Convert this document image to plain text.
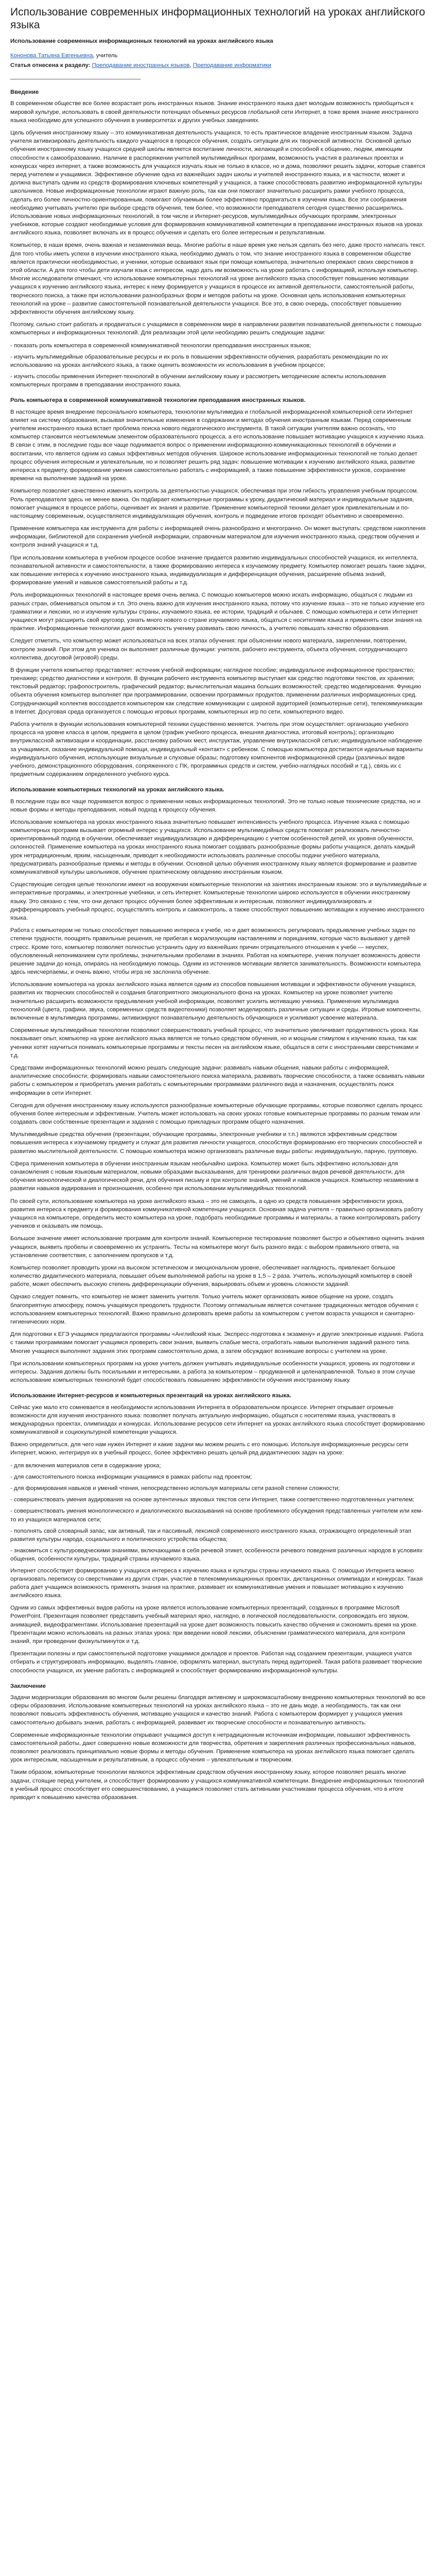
Использование современных информационных технологий на уроках английского языка

Использование современных информационных технологий на уроках английского языка

Кононова Татьяна Евгеньевна, учитель

Статья отнесена к разделу: Преподавание иностранных языков, Преподавание информатики

________________________________________

Введение

В современном обществе все более возрастает роль иностранных языков. Знание иностранного языка дает молодым возможность приобщиться к мировой культуре, использовать в своей деятельности потенциал объемных ресурсов глобальной сети Интернет, в тоже время знание иностранного языка необходимо для успешного обучения в университетах и других учебных заведениях.

Цель обучения иностранному языку – это коммуникативная деятельность учащихся, то есть практическое владение иностранным языком. Задача учителя активизировать деятельность каждого учащегося в процессе обучения, создать ситуации для их творческой активности. Основной целью обучения иностранному языку учащихся средней школы является воспитание личности, желающей и способной к общению, людям, имеющим способности к самообразованию. Наличие в распоряжении учителей мультимедийных программ, возможность участия в различных проектах и конкурсах через интернет, а также возможность для учащихся изучать язык не только в классе, но и дома, позволяют решить задачи, которые ставятся перед учителем и учащимися. Эффективное обучение одна из важнейших задач школы и учителей иностранного языка, и в частности, может и должна выступать одним из средств формирования ключевых компетенций у учащихся, а также способствовать развитию информационной культуры школьников. Новые информационные технологии играют важную роль, так как они помогают значительно расширить рамки учебного процесса, сделать его более личностно-ориентированным, помогают обучаемым более эффективно продвигаться в изучении языка. Все эти соображения необходимо учитывать учителю при выборе средств обучения, тем более, что возможности преподавателя сегодня существенно расширились. Использование новых информационных технологий, в том числе и Интернет-ресурсов, мультимедийных обучающих программ, электронных учебников, которые создают необходимые условия для формирования коммуникативной компетенции в преподавании иностранных языков на уроках английского языка, позволяет включать их в процесс обучения и сделать его более интересным и результативным.

Компьютер, в наши время, очень важная и незаменимая вещь. Многие работы в наше время уже нельзя сделать без него, даже просто написать текст. Для того чтобы иметь успехи в изучении иностранного языка, необходимо думать о том, что знание иностранного языка в современном обществе является практически необходимостью, и ученики, которые осваивают язык при помощи компьютера, значительно опережают своих сверстников в этой области. А для того чтобы дети изучали язык с интересом, надо дать им возможность на уроке работать с информацией, используя компьютер. Многие исследователи отмечают, что использование компьютерных технологий на уроке английского языка способствует повышению мотивации учащихся к изучению английского языка, интерес к нему формируется у учащихся в процессе их активной деятельности, самостоятельной работы, творческого поиска, а также при использовании разнообразных форм и методов работы на уроке. Основная цель использования компьютерных технологий на уроке – развитие самостоятельной познавательной деятельности учащихся. Все это, в свою очередь, способствует повышению эффективности обучения английскому языку.

Поэтому, сильно стоит работать и продвигаться с учащимися в современном мире в направлении развития познавательной деятельности с помощью компьютерных и информационных технологий. Для реализации этой цели необходимо решить следующие задачи:

- показать роль компьютера в современной коммуникативной технологии преподавания иностранных языков;

- изучить мультимедийные образовательные ресурсы и их роль в повышении эффективности обучения, разработать рекомендации по их использованию на уроках английского языка, а также оценить возможности их использования в учебном процессе;

- изучить способы применения Интернет-технологий в обучении английскому языку и рассмотреть методические аспекты использования компьютерных программ в преподавании иностранного языка.

Роль компьютера в современной коммуникативной технологии преподавания иностранных языков.

В настоящее время внедрение персонального компьютера, технологии мультимедиа и глобальной информационной компьютерной сети Интернет влияет на систему образования, вызывая значительные изменения в содержании и методах обучения иностранным языкам. Перед современным учителем иностранного языка встает проблема поиска нового педагогического инструмента. В такой ситуации учителям важно осознать, что компьютер становится неотъемлемым элементом образовательного процесса, а его использование повышает мотивацию учащихся к изучению языка. В связи с этим, в последние годы все чаще поднимается вопрос о применении информационно-коммуникационных технологий в обучении и воспитании, что является одним из самых эффективных методов обучения. Широкое использование информационных технологий не только делает процесс обучения интересным и увлекательным, но и позволяет решить ряд задач: повышение мотивации к изучению английского языка, развитие интереса к предмету, формирование умения самостоятельно работать с информацией, а также повышение эффективности уроков, сохранение времени на выполнение заданий на уроке.

Компьютер позволяет качественно изменить контроль за деятельностью учащихся, обеспечивая при этом гибкость управления учебным процессом. Роль преподавателя здесь не менее важна. Он подбирает компьютерные программы к уроку, дидактический материал и индивидуальные задания, помогает учащимся в процессе работы, оценивает их знания и развитие. Применение компьютерной техники делает урок привлекательным и по-настоящему современным, осуществляется индивидуализация обучения, контроль и подведение итогов проходят объективно и своевременно.

Применение компьютера как инструмента для работы с информацией очень разнообразно и многогранно. Он может выступать: средством накопления информации, библиотекой для сохранения учебной информации, справочным материалом для изучения иностранного языка, средством обучения и контроля знаний учащихся и т.д.

При использовании компьютера в учебном процессе особое значение придается развитию индивидуальных способностей учащихся, их интеллекта, познавательной активности и самостоятельности, а также формированию интереса к изучаемому предмету. Компьютер помогает решать такие задачи, как повышение интереса к изучению иностранного языка, индивидуализация и дифференциация обучения, расширение объема знаний, формирование умений и навыков самостоятельной работы и т.д.

Роль информационных технологий в настоящее время очень велика. С помощью компьютеров можно искать информацию, общаться с людьми из разных стран, обмениваться опытом и т.п. Это очень важно для изучения иностранного языка, потому что изучение языка – это не только изучение его грамматики и лексики, но и изучение культуры страны, изучаемого языка, ее истории, традиций и обычаев. С помощью компьютера и сети Интернет учащиеся могут расширить свой кругозор, узнать много нового о стране изучаемого языка, общаться с носителями языка и применять свои знания на практике. Информационные технологии дают возможность ученику развивать свою личность, а учителю повышать качество образования.

Следует отметить, что компьютер может использоваться на всех этапах обучения: при объяснении нового материала, закреплении, повторении, контроле знаний. При этом для ученика он выполняет различные функции: учителя, рабочего инструмента, объекта обучения, сотрудничающего коллектива, досуговой (игровой) среды.

В функции учителя компьютер представляет: источник учебной информации; наглядное пособие; индивидуальное информационное пространство; тренажер; средство диагностики и контроля. В функции рабочего инструмента компьютер выступает как средство подготовки текстов, их хранения; текстовый редактор; графопостроитель, графический редактор; вычислительная машина больших возможностей; средство моделирования. Функцию объекта обучения компьютер выполняет при программировании, освоении программных продуктов, применении различных информационных сред. Сотрудничающий коллектив воссоздается компьютером как следствие коммуникации с широкой аудиторией (компьютерные сети), телекоммуникации в Internet. Досуговая среда организуется с помощью игровых программ, компьютерных игр по сети, компьютерного видео.

Работа учителя в функции использования компьютерной техники существенно меняется. Учитель при этом осуществляет: организацию учебного процесса на уровне класса в целом, предмета в целом (график учебного процесса, внешняя диагностика, итоговый контроль); организацию внутриклассной активизации и координации, расстановку рабочих мест, инструктаж, управление внутриклассной сетью; индивидуальное наблюдение за учащимися, оказание индивидуальной помощи, индивидуальный «контакт» с ребенком. С помощью компьютера достигаются идеальные варианты индивидуального обучения, использующие визуальные и слуховые образы; подготовку компонентов информационной среды (различных видов учебного, демонстрационного оборудования, сопряженного с ПК, программных средств и систем, учебно-наглядных пособий и т.д.), связь их с предметным содержанием определенного учебного курса.

Использование компьютерных технологий на уроках английского языка.

В последние годы все чаще поднимается вопрос о применении новых информационных технологий. Это не только новые технические средства, но и новые формы и методы преподавания, новый подход к процессу обучения.

Использование компьютера на уроках иностранного языка значительно повышает интенсивность учебного процесса. Изучение языка с помощью компьютерных программ вызывает огромный интерес у учащихся. Использование мультимедийных средств помогает реализовать личностно-ориентированный подход в обучении, обеспечивает индивидуализацию и дифференциацию с учетом особенностей детей, их уровня обученности, склонностей. Применение компьютера на уроках иностранного языка помогает создавать разнообразные формы работы учащихся, делать каждый урок нетрадиционным, ярким, насыщенным, приводит к необходимости использовать различные способы подачи учебного материала, предусматривать разнообразные приемы и методы в обучении. Основной целью обучения иностранному языку является формирование и развитие коммуникативной культуры школьников, обучение практическому овладению иностранным языком.

Существующие сегодня целые технологии имеют на вооружении компьютерные технологии на занятиях иностранным языком: это и мультимедийные и интерактивные программы, и электронные учебники, и сеть Интернет. Компьютерные технологии широко используются в обучении иностранному языку. Это связано с тем, что они делают процесс обучения более эффективным и интересным, позволяют индивидуализировать и дифференцировать учебный процесс, осуществлять контроль и самоконтроль, а также способствуют повышению мотивации к изучению иностранного языка.

Работа с компьютером не только способствует повышению интереса к учебе, но и дает возможность регулировать предъявление учебных задач по степени трудности, поощрять правильные решения, не прибегая к морализующим наставлениям и порицаниям, которые часто вызывают у детей стресс. Кроме того, компьютер позволяет полностью устранить одну из важнейших причин отрицательного отношения к учебе — неуспех, обусловленный непониманием сути проблемы, значительными пробелами в знаниях. Работая на компьютере, ученик получает возможность довести решение задачи до конца, опираясь на необходимую помощь. Одним из источников мотивации является занимательность. Возможности компьютера здесь неисчерпаемы, и очень важно, чтобы игра не заслонила обучение.

Использование компьютера на уроках английского языка является одним из способов повышения мотивации и эффективности обучения учащихся, развития их творческих способностей и создания благоприятного эмоционального фона на уроках. Компьютер на уроке позволяет учителю значительно расширить возможности предъявления учебной информации, позволяет усилить мотивацию ученика. Применение мультимедиа технологий (цвета, графики, звука, современных средств видеотехники) позволяет моделировать различные ситуации и среды. Игровые компоненты, включенные в мультимедиа программы, активизируют познавательную деятельность обучающихся и усиливают усвоение материала.

Современные мультимедийные технологии позволяют совершенствовать учебный процесс, что значительно увеличивает продуктивность урока. Как показывает опыт, компьютер на уроке английского языка является не только средством обучения, но и мощным стимулом к изучению языка, так как ученики хотят научиться понимать компьютерные программы и тексты песен на английском языке, общаться в сети с иностранными сверстниками и т.д.

Средствами информационных технологий можно решать следующие задачи: развивать навыки общения, навыки работы с информацией, аналитические способности; формировать навыки самостоятельного поиска материала, развивать творческие способности, а также осваивать навыки работы с компьютером и приобретать умения работать с компьютерными программами различного вида и назначения, осуществлять поиск информации в сети Интернет.

Сегодня для обучения иностранному языку используются разнообразные компьютерные обучающие программы, которые позволяют сделать процесс обучения более интересным и эффективным. Учитель может использовать на своих уроках готовые компьютерные программы по разным темам или создавать свои собственные презентации и задания с помощью прикладных программ общего назначения.

Мультимедийные средства обучения (презентации, обучающие программы, электронные учебники и т.п.) являются эффективным средством повышения интереса к изучаемому предмету и служат для развития личности учащегося, способствуя формированию его творческих способностей и развитию мыслительной деятельности. С помощью компьютера можно организовать различные виды работы: индивидуальную, парную, групповую.

Сфера применения компьютера в обучении иностранным языкам необычайно широка. Компьютер может быть эффективно использован для ознакомления с новым языковым материалом, новыми образцами высказывания, для тренировки различных видов речевой деятельности, для обучения монологической и диалогической речи, для обучения письму и при контроле знаний, умений и навыков учащихся. Компьютер незаменим в развитии навыков аудирования и произношения, особенно при использовании мультимедийных технологий.

По своей сути, использование компьютера на уроке английского языка – это не самоцель, а одно из средств повышения эффективности урока, развития интереса к предмету и формирования коммуникативной компетенции учащихся. Основная задача учителя – правильно организовать работу учащихся на компьютере, определить место компьютера на уроке, подобрать необходимые программы и материалы, а также контролировать работу учеников и оказывать им помощь.

Большое значение имеет использование программ для контроля знаний. Компьютерное тестирование позволяет быстро и объективно оценить знания учащихся, выявить пробелы и своевременно их устранить. Тесты на компьютере могут быть разного вида: с выбором правильного ответа, на установление соответствия, с заполнением пропусков и т.д.

Компьютер позволяет проводить уроки на высоком эстетическом и эмоциональном уровне, обеспечивает наглядность, привлекает большое количество дидактического материала, повышает объем выполняемой работы на уроке в 1,5 – 2 раза. Учитель, использующий компьютер в своей работе, может обеспечить высокую степень дифференциации обучения, варьировать объем и уровень сложности заданий.

Однако следует помнить, что компьютер не может заменить учителя. Только учитель может организовать живое общение на уроке, создать благоприятную атмосферу, помочь учащемуся преодолеть трудности. Поэтому оптимальным является сочетание традиционных методов обучения с использованием компьютерных технологий. Важно правильно дозировать время работы за компьютером с учетом возраста учащихся и санитарно-гигиенических норм.

Для подготовки к ЕГЭ учащимся предлагаются программы «Английский язык. Экспресс-подготовка к экзамену» и другие электронные издания. Работа с такими программами помогает учащимся проверить свои знания, выявить слабые места, отработать навыки выполнения заданий разного типа. Многие учащиеся выполняют задания этих программ самостоятельно дома, а затем обсуждают возникшие вопросы с учителем на уроке.

При использовании компьютерных программ на уроке учитель должен учитывать индивидуальные особенности учащихся, уровень их подготовки и интересы. Задания должны быть посильными и интересными, а работа за компьютером – продуманной и целенаправленной. Только в этом случае использование компьютерных технологий будет способствовать повышению эффективности обучения иностранному языку.

Использование Интернет-ресурсов и компьютерных презентаций на уроках английского языка.

Сейчас уже мало кто сомневается в необходимости использования Интернета в образовательном процессе. Интернет открывает огромные возможности для изучения иностранного языка: позволяет получать актуальную информацию, общаться с носителями языка, участвовать в международных проектах, олимпиадах и конкурсах. Использование ресурсов сети Интернет на уроках английского языка способствует формированию коммуникативной и социокультурной компетенции учащихся.

Важно определиться, для чего нам нужен Интернет и какие задачи мы можем решить с его помощью. Используя информационные ресурсы сети Интернет, можно, интегрируя их в учебный процесс, более эффективно решать целый ряд дидактических задач на уроке:

- для включения материалов сети в содержание урока;

- для самостоятельного поиска информации учащимися в рамках работы над проектом;

- для формирования навыков и умений чтения, непосредственно используя материалы сети разной степени сложности;

- совершенствовать умения аудирования на основе аутентичных звуковых текстов сети Интернет, также соответственно подготовленных учителем;

- совершенствовать умения монологического и диалогического высказывания на основе проблемного обсуждения представленных учителем или кем-то из учащихся материалов сети;

- пополнять свой словарный запас, как активный, так и пассивный, лексикой современного иностранного языка, отражающего определенный этап развития культуры народа, социального и политического устройства общества;

- знакомиться с культуроведческими знаниями, включающими в себя речевой этикет, особенности речевого поведения различных народов в условиях общения, особенности культуры, традиций страны изучаемого языка.

Интернет способствует формированию у учащихся интереса к изучению языка и культуры страны изучаемого языка. С помощью Интернета можно организовать переписку со сверстниками из других стран, участие в телекоммуникационных проектах, дистанционных олимпиадах и конкурсах. Такая работа дает учащимся возможность применять знания на практике, развивает их коммуникативные умения и повышает мотивацию к изучению английского языка.

Одним из самых эффективных видов работы на уроке является использование компьютерных презентаций, созданных в программе Microsoft PowerPoint. Презентация позволяет представить учебный материал ярко, наглядно, в логической последовательности, сопровождать его звуком, анимацией, видеофрагментами. Использование презентаций на уроке дает возможность повысить качество обучения и сэкономить время на уроке. Презентации можно использовать на разных этапах урока: при введении новой лексики, объяснении грамматического материала, для контроля знаний, при проведении физкультминуток и т.д.

Презентации полезны и при самостоятельной подготовке учащимися докладов и проектов. Работая над созданием презентации, учащиеся учатся отбирать и структурировать информацию, выделять главное, оформлять материал, выступать перед аудиторией. Такая работа развивает творческие способности учащихся, их умение работать с информацией и способствует формированию информационной культуры.

Заключение

Задачи модернизации образования во многом были решены благодаря активному и широкомасштабному внедрению компьютерных технологий во все сферы образования. Использование компьютерных технологий на уроках английского языка – это не дань моде, а необходимость, так как они позволяют повысить эффективность обучения, мотивацию учащихся и качество знаний. Работа с компьютером формирует у учащихся умения самостоятельно добывать знания, работать с информацией, развивает их творческие способности и познавательную активность.

Современные информационные технологии открывают учащимся доступ к нетрадиционным источникам информации, повышают эффективность самостоятельной работы, дают совершенно новые возможности для творчества, обретения и закрепления различных профессиональных навыков, позволяют реализовать принципиально новые формы и методы обучения. Применение компьютера на уроках английского языка помогает сделать урок интересным, насыщенным и результативным, а процесс обучения – увлекательным и творческим.

Таким образом, компьютерные технологии являются эффективным средством обучения иностранному языку, которое позволяет решать многие задачи, стоящие перед учителем, и способствует формированию у учащихся коммуникативной компетенции. Внедрение информационных технологий в учебный процесс способствует его совершенствованию, а учащимся позволяет стать активными участниками процесса обучения, что в итоге приводит к повышению качества образования.
